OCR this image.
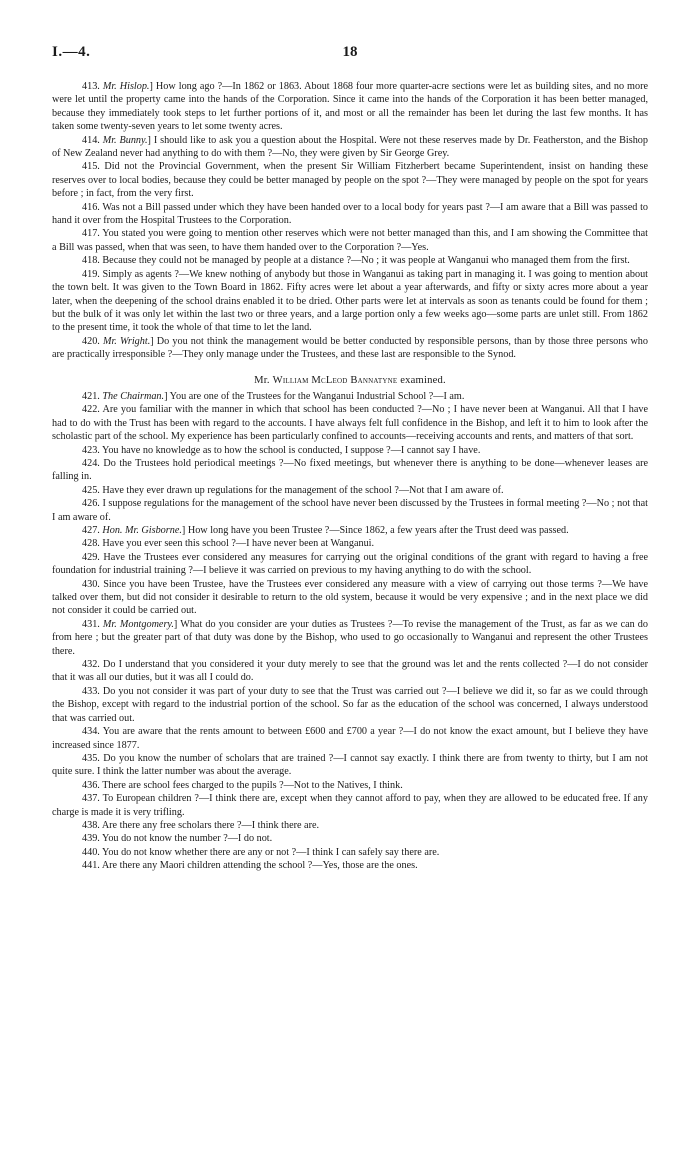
I.—4.	18

413. Mr. Hislop.] How long ago ?—In 1862 or 1863. About 1868 four more quarter-acre sections were let as building sites, and no more were let until the property came into the hands of the Corporation. Since it came into the hands of the Corporation it has been better managed, because they immediately took steps to let further portions of it, and most or all the remainder has been let during the last few months. It has taken some twenty-seven years to let some twenty acres.

414. Mr. Bunny.] I should like to ask you a question about the Hospital. Were not these reserves made by Dr. Featherston, and the Bishop of New Zealand never had anything to do with them ?—No, they were given by Sir George Grey.

415. Did not the Provincial Government, when the present Sir William Fitzherbert became Superintendent, insist on handing these reserves over to local bodies, because they could be better managed by people on the spot ?—They were managed by people on the spot for years before ; in fact, from the very first.

416. Was not a Bill passed under which they have been handed over to a local body for years past ?—I am aware that a Bill was passed to hand it over from the Hospital Trustees to the Corporation.

417. You stated you were going to mention other reserves which were not better managed than this, and I am showing the Committee that a Bill was passed, when that was seen, to have them handed over to the Corporation ?—Yes.

418. Because they could not be managed by people at a distance ?—No ; it was people at Wanganui who managed them from the first.

419. Simply as agents ?—We knew nothing of anybody but those in Wanganui as taking part in managing it. I was going to mention about the town belt. It was given to the Town Board in 1862. Fifty acres were let about a year afterwards, and fifty or sixty acres more about a year later, when the deepening of the school drains enabled it to be dried. Other parts were let at intervals as soon as tenants could be found for them ; but the bulk of it was only let within the last two or three years, and a large portion only a few weeks ago—some parts are unlet still. From 1862 to the present time, it took the whole of that time to let the land.

420. Mr. Wright.] Do you not think the management would be better conducted by responsible persons, than by those three persons who are practically irresponsible ?—They only manage under the Trustees, and these last are responsible to the Synod.

Mr. William McLeod Bannatyne examined.

421. The Chairman.] You are one of the Trustees for the Wanganui Industrial School ?—I am.

422. Are you familiar with the manner in which that school has been conducted ?—No ; I have never been at Wanganui. All that I have had to do with the Trust has been with regard to the accounts. I have always felt full confidence in the Bishop, and left it to him to look after the scholastic part of the school. My experience has been particularly confined to accounts—receiving accounts and rents, and matters of that sort.

423. You have no knowledge as to how the school is conducted, I suppose ?—I cannot say I have.

424. Do the Trustees hold periodical meetings ?—No fixed meetings, but whenever there is anything to be done—whenever leases are falling in.

425. Have they ever drawn up regulations for the management of the school ?—Not that I am aware of.

426. I suppose regulations for the management of the school have never been discussed by the Trustees in formal meeting ?—No ; not that I am aware of.

427. Hon. Mr. Gisborne.] How long have you been Trustee ?—Since 1862, a few years after the Trust deed was passed.

428. Have you ever seen this school ?—I have never been at Wanganui.

429. Have the Trustees ever considered any measures for carrying out the original conditions of the grant with regard to having a free foundation for industrial training ?—I believe it was carried on previous to my having anything to do with the school.

430. Since you have been Trustee, have the Trustees ever considered any measure with a view of carrying out those terms ?—We have talked over them, but did not consider it desirable to return to the old system, because it would be very expensive ; and in the next place we did not consider it could be carried out.

431. Mr. Montgomery.] What do you consider are your duties as Trustees ?—To revise the management of the Trust, as far as we can do from here ; but the greater part of that duty was done by the Bishop, who used to go occasionally to Wanganui and represent the other Trustees there.

432. Do I understand that you considered it your duty merely to see that the ground was let and the rents collected ?—I do not consider that it was all our duties, but it was all I could do.

433. Do you not consider it was part of your duty to see that the Trust was carried out ?—I believe we did it, so far as we could through the Bishop, except with regard to the industrial portion of the school. So far as the education of the school was concerned, I always understood that was carried out.

434. You are aware that the rents amount to between £600 and £700 a year ?—I do not know the exact amount, but I believe they have increased since 1877.

435. Do you know the number of scholars that are trained ?—I cannot say exactly. I think there are from twenty to thirty, but I am not quite sure. I think the latter number was about the average.

436. There are school fees charged to the pupils ?—Not to the Natives, I think.

437. To European children ?—I think there are, except when they cannot afford to pay, when they are allowed to be educated free. If any charge is made it is very trifling.

438. Are there any free scholars there ?—I think there are.

439. You do not know the number ?—I do not.

440. You do not know whether there are any or not ?—I think I can safely say there are.

441. Are there any Maori children attending the school ?—Yes, those are the ones.
